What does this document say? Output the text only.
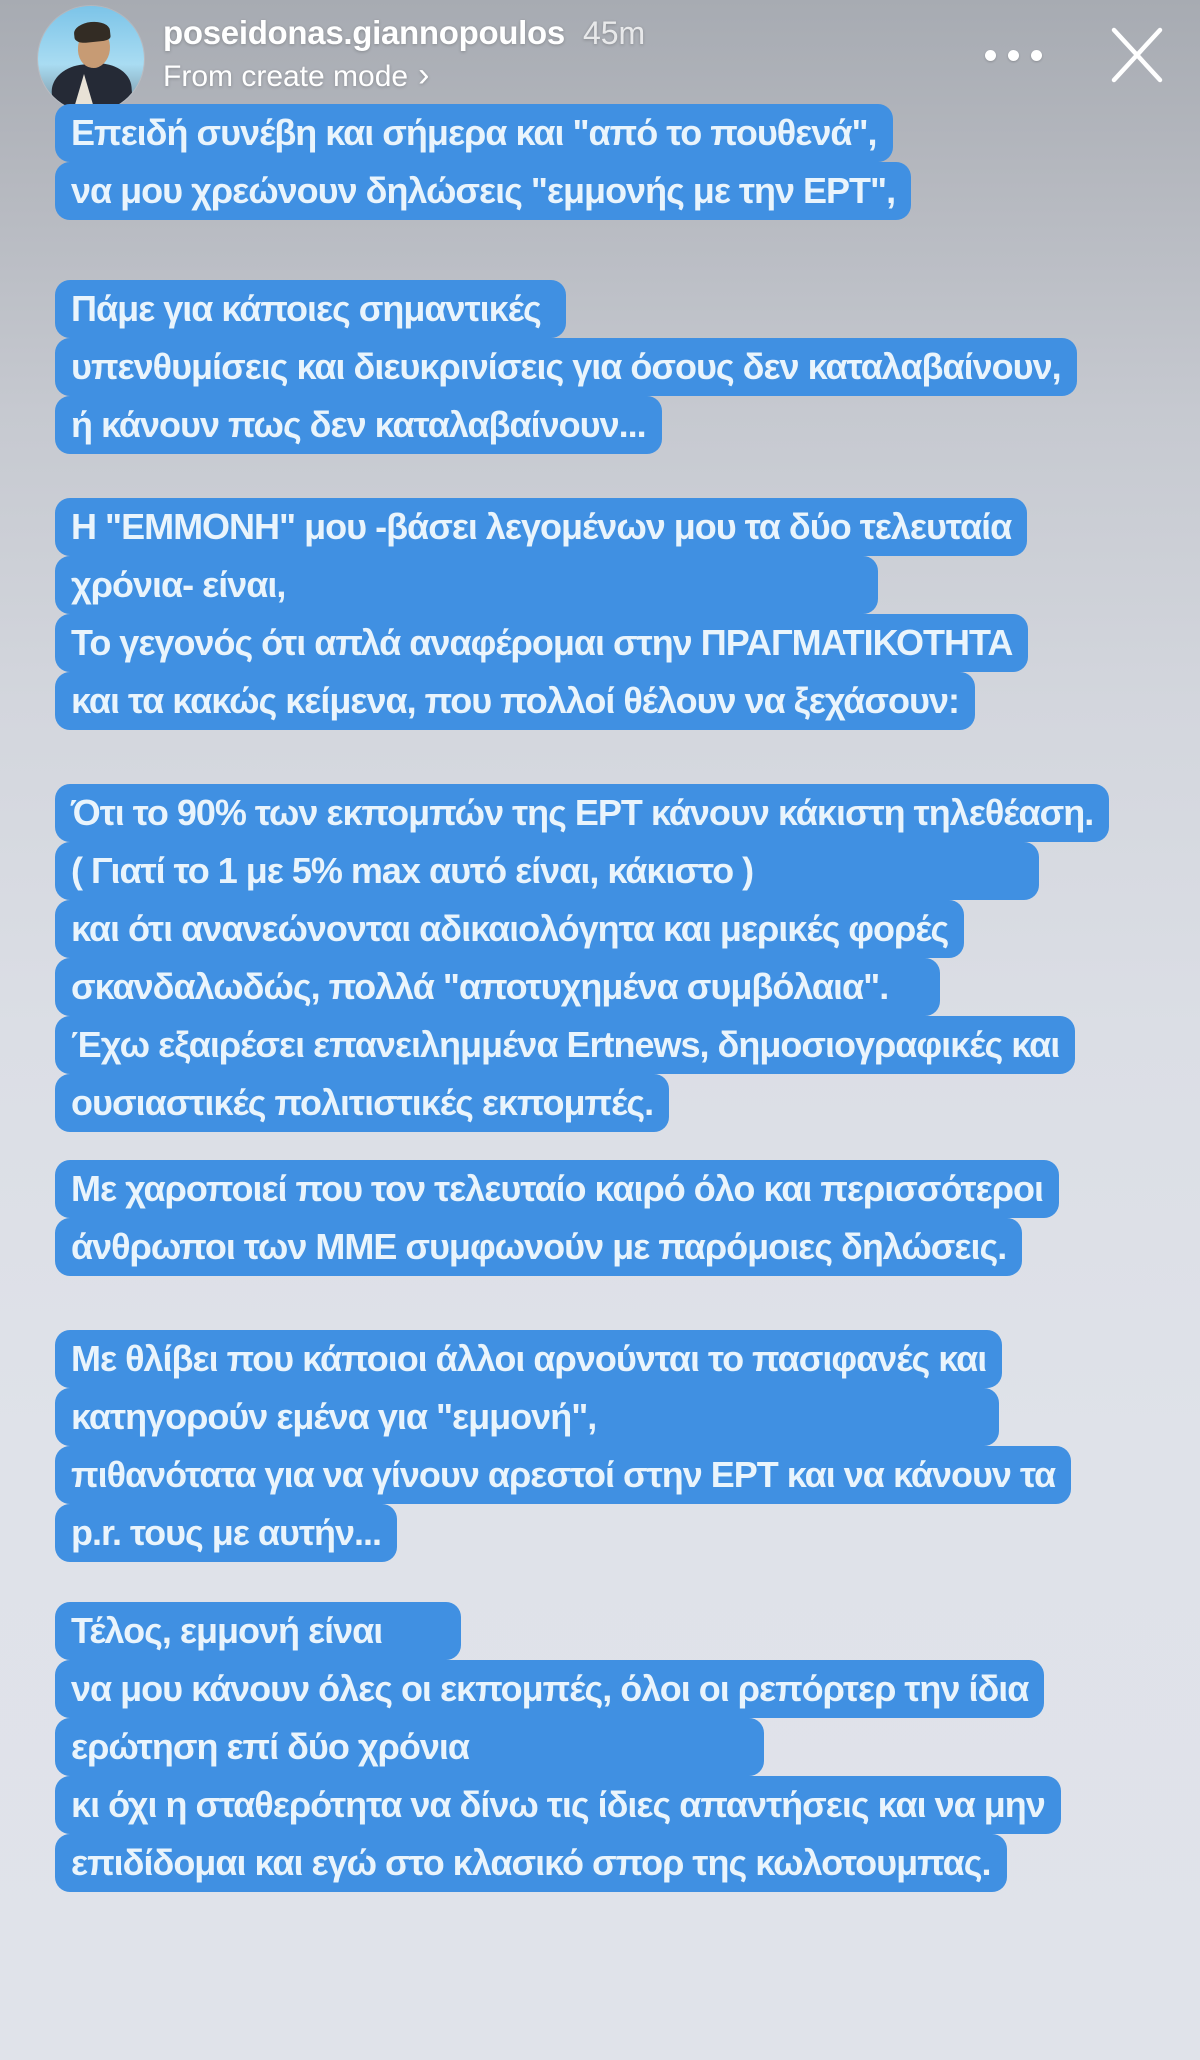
poseidonas.giannopoulos 45m
From create mode ›
Επειδή συνέβη και σήμερα και "από το πουθενά",
να μου χρεώνουν δηλώσεις "εμμονής με την ΕΡΤ",
Πάμε για κάποιες σημαντικές
υπενθυμίσεις και διευκρινίσεις για όσους δεν καταλαβαίνουν,
ή κάνουν πως δεν καταλαβαίνουν...
Η "ΕΜΜΟΝΗ" μου -βάσει λεγομένων μου τα δύο τελευταία
χρόνια- είναι,
Το γεγονός ότι απλά αναφέρομαι στην ΠΡΑΓΜΑΤΙΚΟΤΗΤΑ
και τα κακώς κείμενα, που πολλοί θέλουν να ξεχάσουν:
Ότι το 90% των εκπομπών της ΕΡΤ κάνουν κάκιστη τηλεθέαση.
( Γιατί το 1 με 5% max αυτό είναι, κάκιστο )
και ότι ανανεώνονται αδικαιολόγητα και μερικές φορές
σκανδαλωδώς, πολλά "αποτυχημένα συμβόλαια".
Έχω εξαιρέσει επανειλημμένα Ertnews, δημοσιογραφικές και
ουσιαστικές πολιτιστικές εκπομπές.
Με χαροποιεί που τον τελευταίο καιρό όλο και περισσότεροι
άνθρωποι των ΜΜΕ συμφωνούν με παρόμοιες δηλώσεις.
Με θλίβει που κάποιοι άλλοι αρνούνται το πασιφανές και
κατηγορούν εμένα για "εμμονή",
πιθανότατα για να γίνουν αρεστοί στην ΕΡΤ και να κάνουν τα
p.r. τους με αυτήν...
Τέλος, εμμονή είναι
να μου κάνουν όλες οι εκπομπές, όλοι οι ρεπόρτερ την ίδια
ερώτηση επί δύο χρόνια
κι όχι η σταθερότητα να δίνω τις ίδιες απαντήσεις και να μην
επιδίδομαι και εγώ στο κλασικό σπορ της κωλοτουμπας.
